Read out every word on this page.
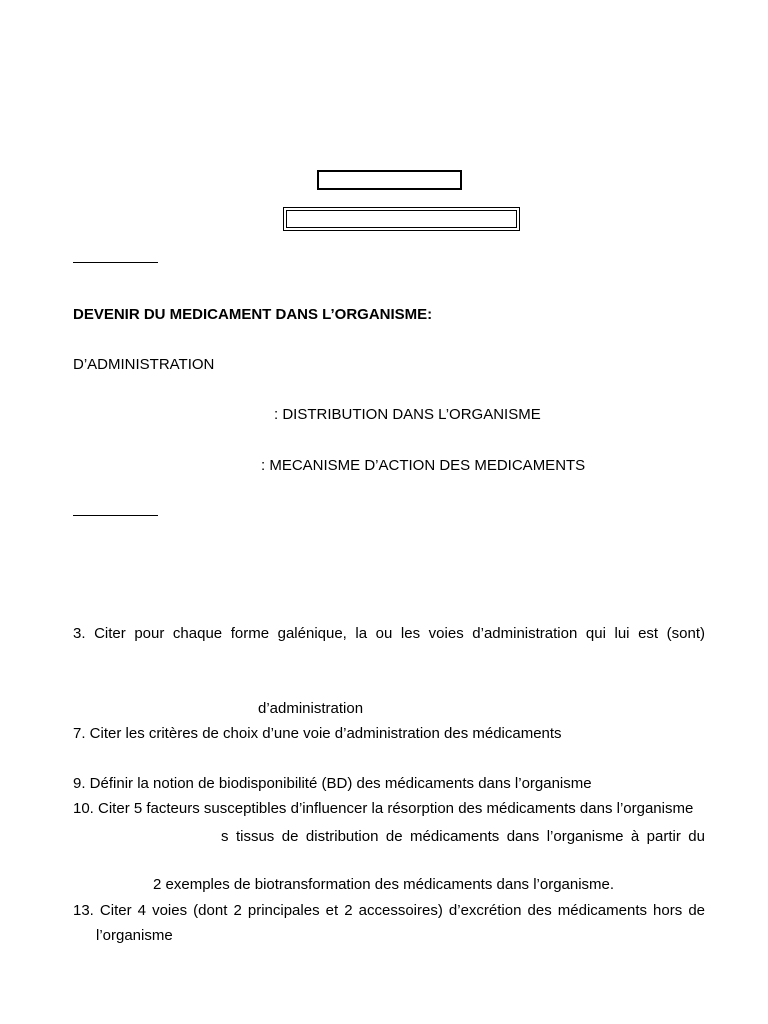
DEVENIR DU MEDICAMENT DANS L’ORGANISME:
D’ADMINISTRATION
: DISTRIBUTION DANS L’ORGANISME
: MECANISME D’ACTION DES MEDICAMENTS
3. Citer pour chaque forme galénique, la ou les voies d’administration qui lui est (sont)
d’administration
7. Citer les critères de choix d’une voie d’administration des médicaments
9. Définir la notion de biodisponibilité (BD) des médicaments dans l’organisme
10. Citer 5 facteurs susceptibles d’influencer la résorption des médicaments dans l’organisme
s tissus de distribution de médicaments dans l’organisme à partir du
2 exemples de biotransformation des médicaments dans l’organisme.
13. Citer 4 voies (dont 2 principales et 2 accessoires) d’excrétion des médicaments hors de
l’organisme
